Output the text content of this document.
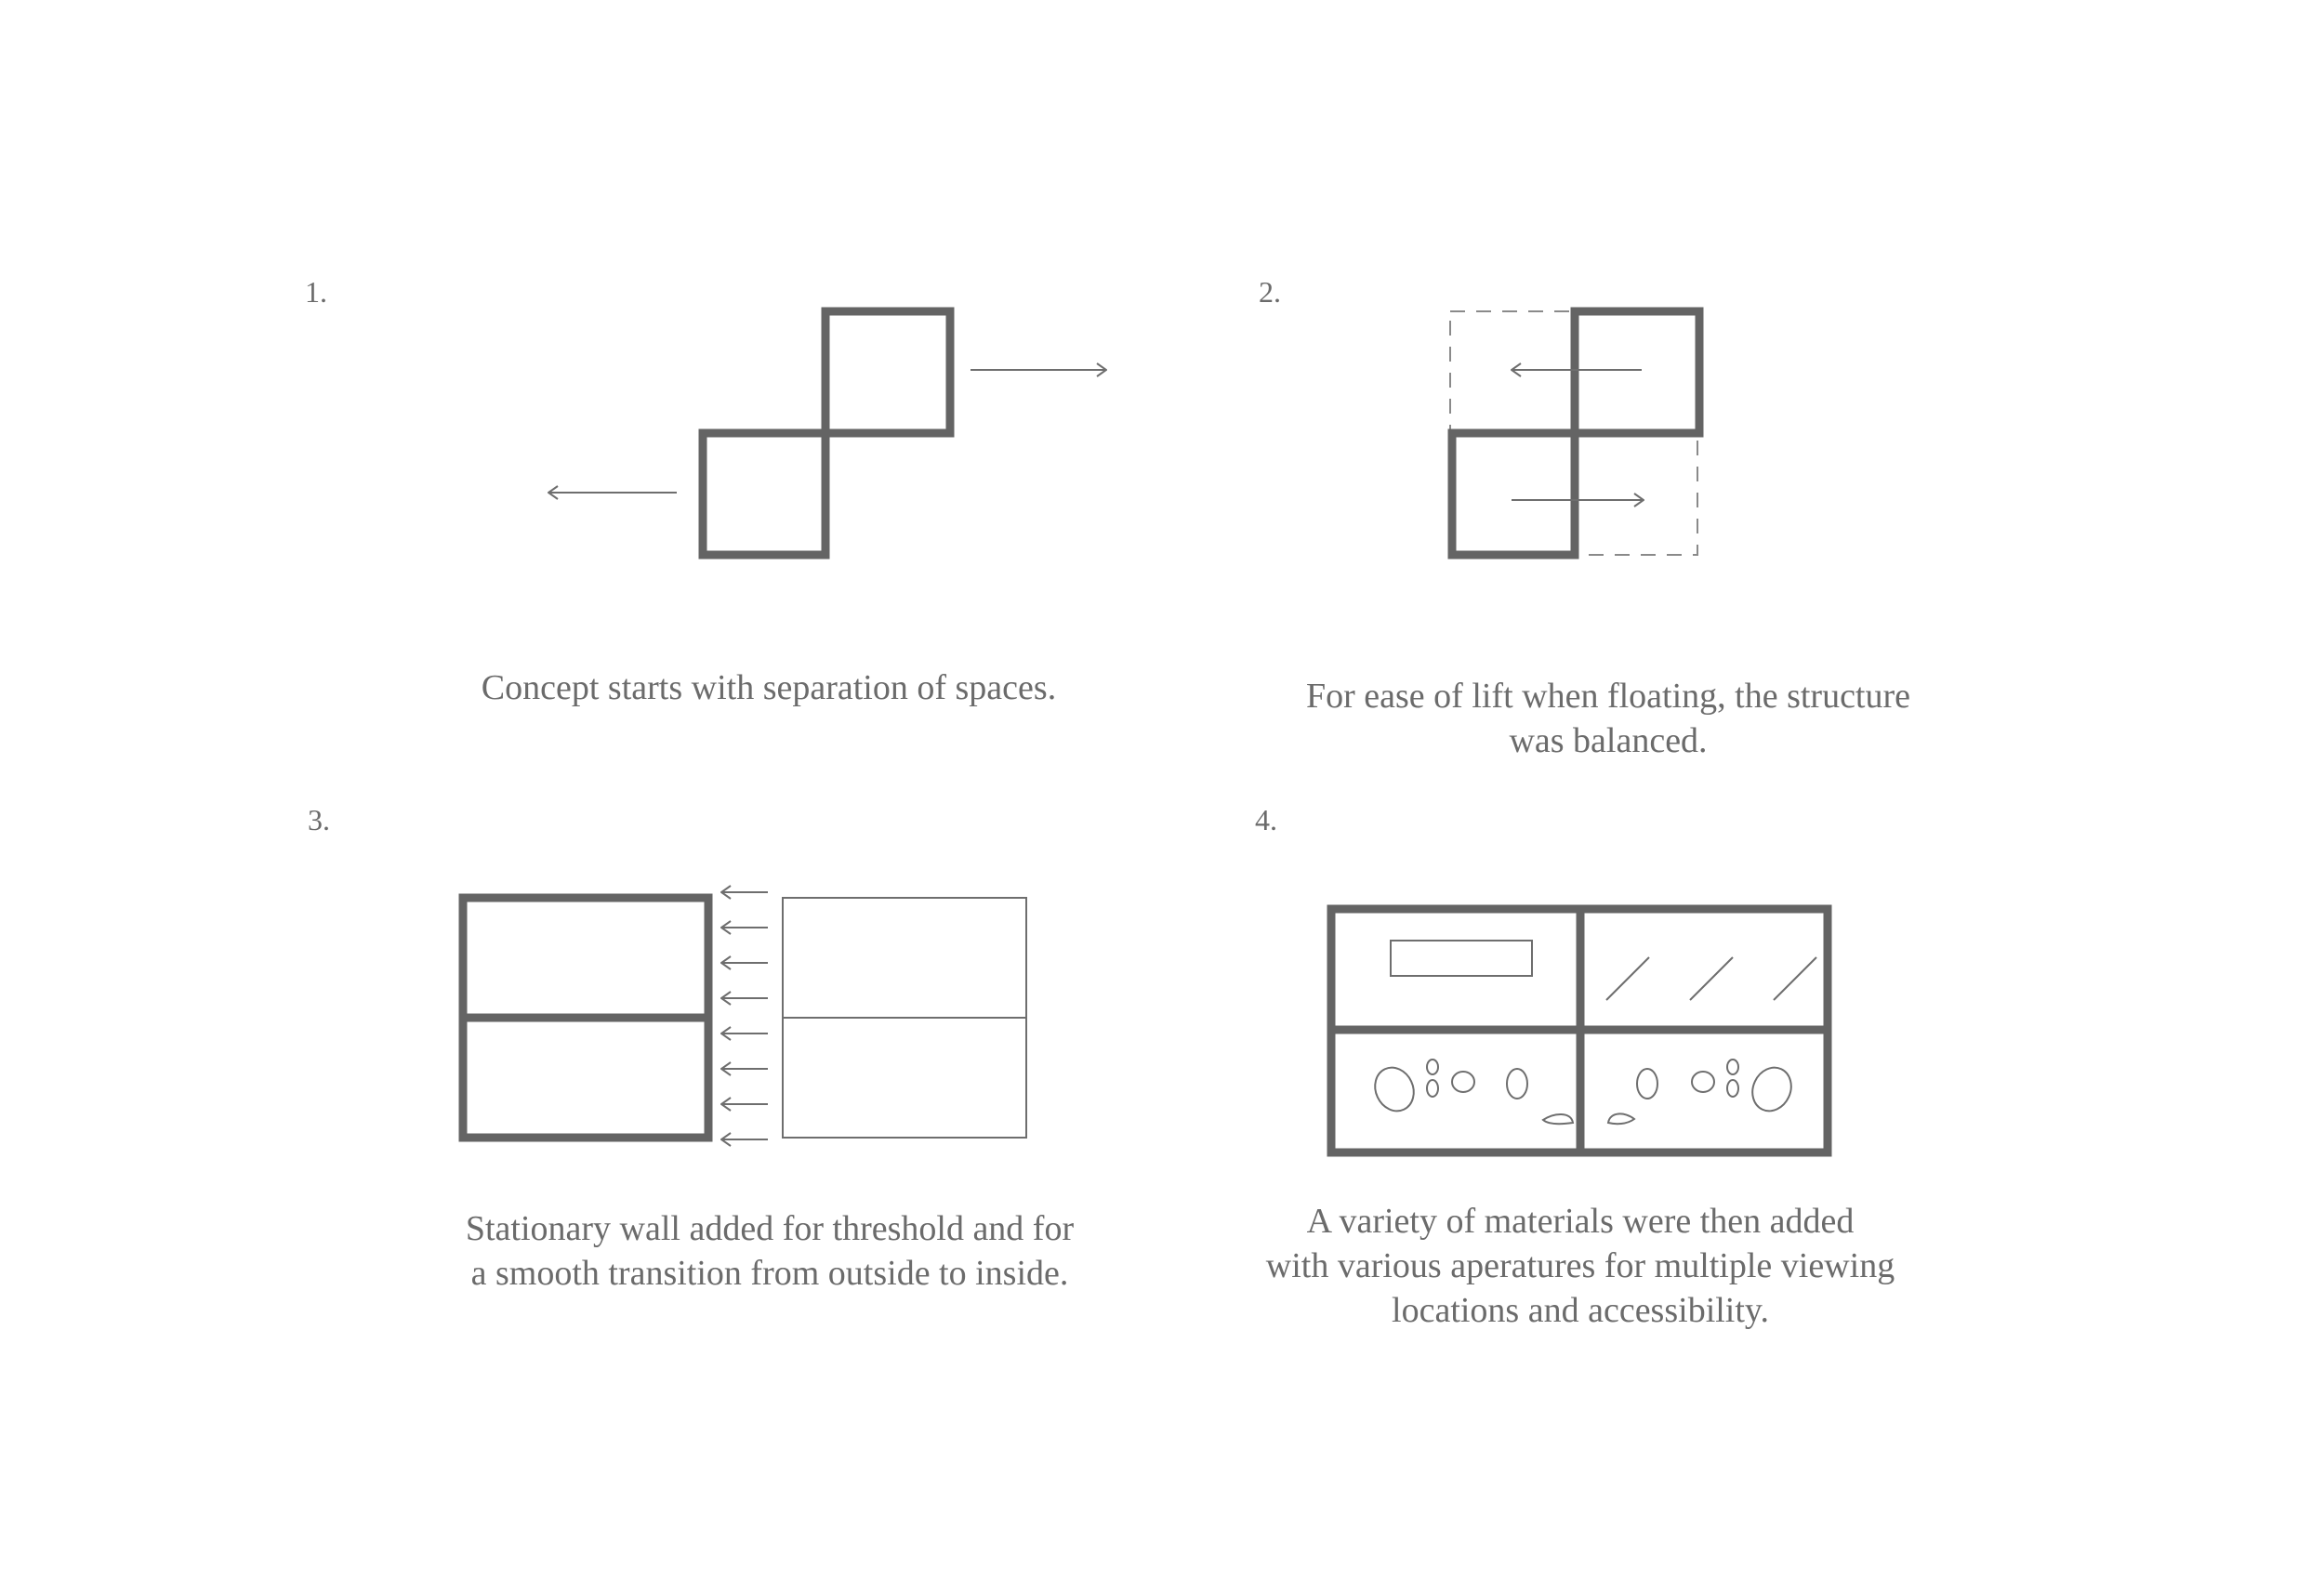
1.	2.
3.	4.
Concept starts with separation of spaces.	For ease of lift when floating, the structure
was balanced.
Stationary wall added for threshold and for
a smooth transition from outside to inside.
A variety of materials were then added
with various aperatures for multiple viewing
locations and accessibility.
